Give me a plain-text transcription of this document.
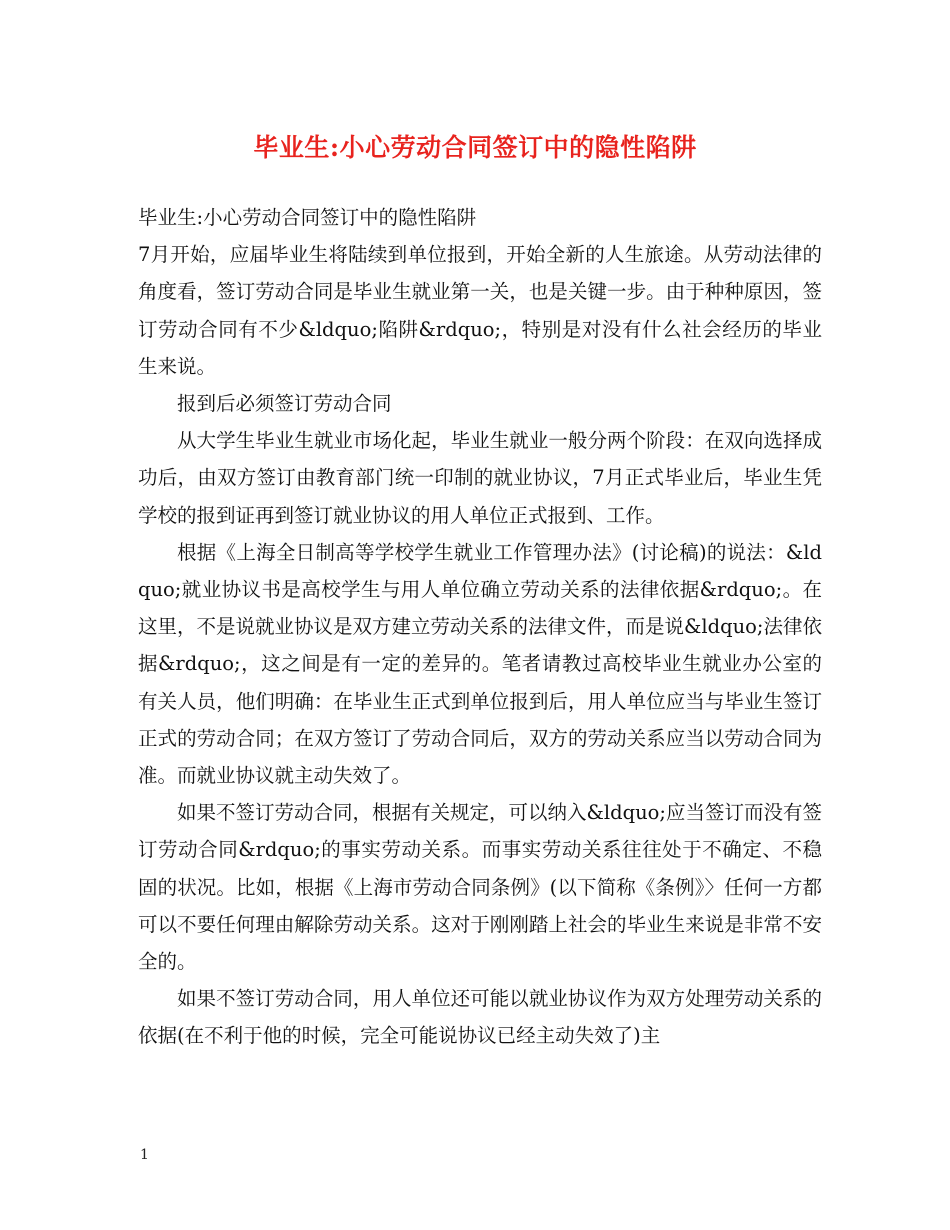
毕业生:小心劳动合同签订中的隐性陷阱

毕业生:小心劳动合同签订中的隐性陷阱

7月开始，应届毕业生将陆续到单位报到，开始全新的人生旅途。从劳动法律的角度看，签订劳动合同是毕业生就业第一关，也是关键一步。由于种种原因，签订劳动合同有不少&ldquo;陷阱&rdquo;，特别是对没有什么社会经历的毕业生来说。

报到后必须签订劳动合同

从大学生毕业生就业市场化起，毕业生就业一般分两个阶段：在双向选择成功后，由双方签订由教育部门统一印制的就业协议，7月正式毕业后，毕业生凭学校的报到证再到签订就业协议的用人单位正式报到、工作。

根据《上海全日制高等学校学生就业工作管理办法》(讨论稿)的说法：&ldquo;就业协议书是高校学生与用人单位确立劳动关系的法律依据&rdquo;。在这里，不是说就业协议是双方建立劳动关系的法律文件，而是说&ldquo;法律依据&rdquo;，这之间是有一定的差异的。笔者请教过高校毕业生就业办公室的有关人员，他们明确：在毕业生正式到单位报到后，用人单位应当与毕业生签订正式的劳动合同；在双方签订了劳动合同后，双方的劳动关系应当以劳动合同为准。而就业协议就主动失效了。

如果不签订劳动合同，根据有关规定，可以纳入&ldquo;应当签订而没有签订劳动合同&rdquo;的事实劳动关系。而事实劳动关系往往处于不确定、不稳固的状况。比如，根据《上海市劳动合同条例》(以下简称《条例》〉任何一方都可以不要任何理由解除劳动关系。这对于刚刚踏上社会的毕业生来说是非常不安全的。

如果不签订劳动合同，用人单位还可能以就业协议作为双方处理劳动关系的依据(在不利于他的时候，完全可能说协议已经主动失效了)主

1
